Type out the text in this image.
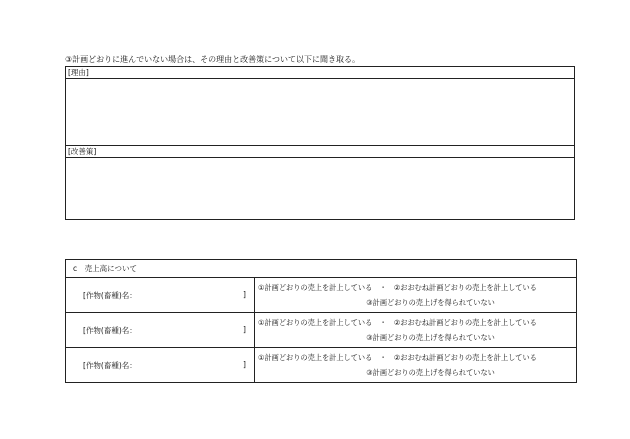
③計画どおりに進んでいない場合は、その理由と改善策について以下に聞き取る。
[理由]
[改善策]
c　売上高について	

[作物(畜種)名： ]	①計画どおりの売上を計上している　・　②おおむね計画どおりの売上を計上している
③計画どおりの売上げを得られていない

[作物(畜種)名： ]	①計画どおりの売上を計上している　・　②おおむね計画どおりの売上を計上している
③計画どおりの売上げを得られていない

[作物(畜種)名： ]	①計画どおりの売上を計上している　・　②おおむね計画どおりの売上を計上している
③計画どおりの売上げを得られていない
